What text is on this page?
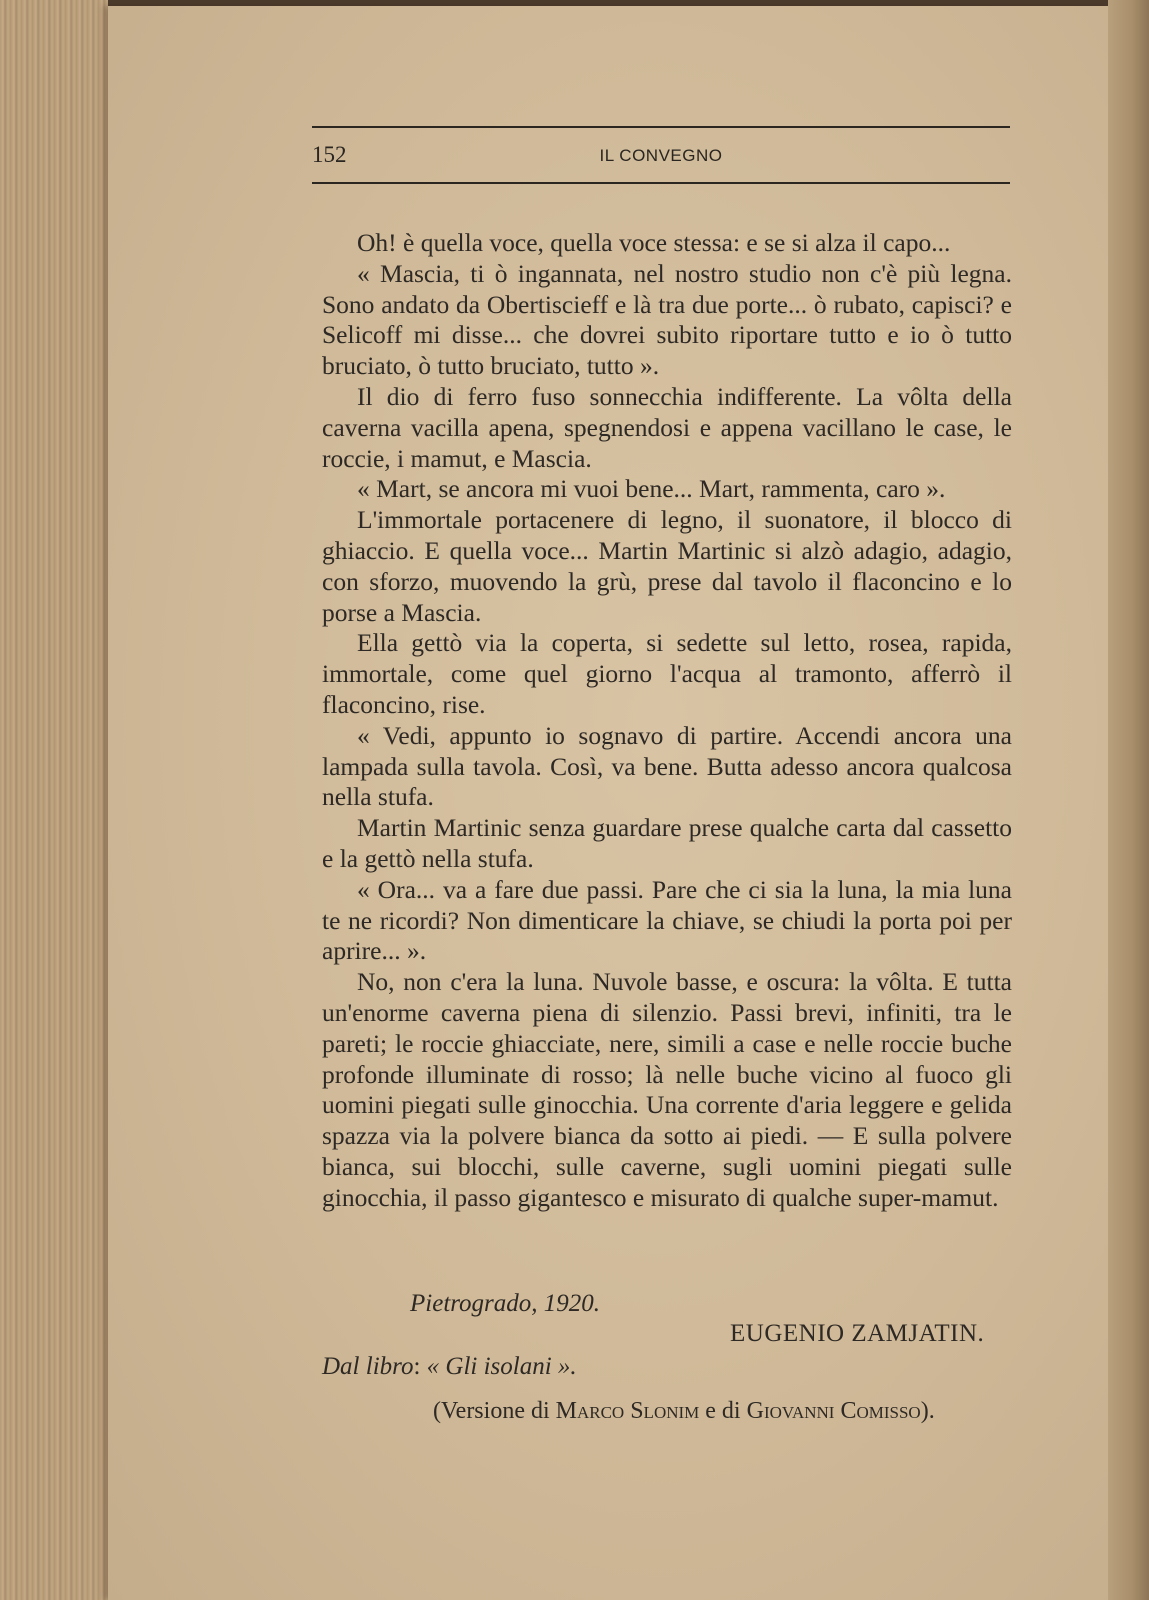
152	IL CONVEGNO

Oh! è quella voce, quella voce stessa: e se si alza il capo...

« Mascia, ti ò ingannata, nel nostro studio non c'è più legna. Sono andato da Obertiscieff e là tra due porte... ò rubato, capisci? e Selicoff mi disse... che dovrei subito riportare tutto e io ò tutto bruciato, ò tutto bruciato, tutto ».

Il dio di ferro fuso sonnecchia indifferente. La vôlta della caverna vacilla apena, spegnendosi e appena vacillano le case, le roccie, i mamut, e Mascia.

« Mart, se ancora mi vuoi bene... Mart, rammenta, caro ».

L'immortale portacenere di legno, il suonatore, il blocco di ghiaccio. E quella voce... Martin Martinic si alzò adagio, adagio, con sforzo, muovendo la grù, prese dal tavolo il flaconcino e lo porse a Mascia.

Ella gettò via la coperta, si sedette sul letto, rosea, rapida, immortale, come quel giorno l'acqua al tramonto, afferrò il flaconcino, rise.

« Vedi, appunto io sognavo di partire. Accendi ancora una lampada sulla tavola. Così, va bene. Butta adesso ancora qualcosa nella stufa.

Martin Martinic senza guardare prese qualche carta dal cassetto e la gettò nella stufa.

« Ora... va a fare due passi. Pare che ci sia la luna, la mia luna te ne ricordi? Non dimenticare la chiave, se chiudi la porta poi per aprire... ».

No, non c'era la luna. Nuvole basse, e oscura: la vôlta. E tutta un'enorme caverna piena di silenzio. Passi brevi, infiniti, tra le pareti; le roccie ghiacciate, nere, simili a case e nelle roccie buche profonde illuminate di rosso; là nelle buche vicino al fuoco gli uomini piegati sulle ginocchia. Una corrente d'aria leggere e gelida spazza via la polvere bianca da sotto ai piedi. — E sulla polvere bianca, sui blocchi, sulle caverne, sugli uomini piegati sulle ginocchia, il passo gigantesco e misurato di qualche super-mamut.

Pietrogrado, 1920.
EUGENIO ZAMJATIN.
Dal libro: « Gli isolani ».
(Versione di Marco Slonim e di Giovanni Comisso).
